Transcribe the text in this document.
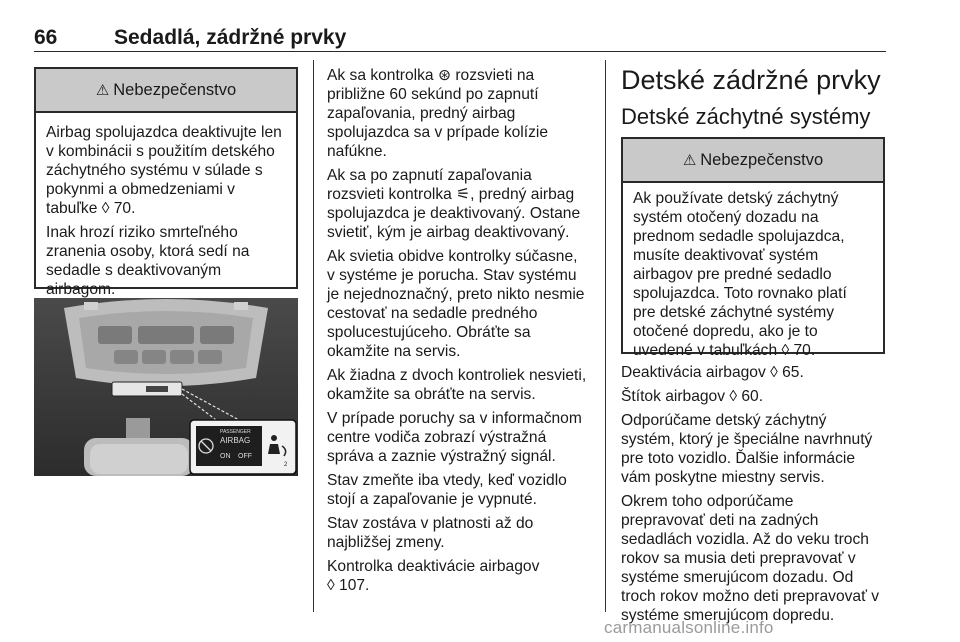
66	Sedadlá, zádržné prvky
⚠ Nebezpečenstvo
Airbag spolujazdca deaktivujte len
v kombinácii s použitím detského
záchytného systému v súlade s
pokynmi a obmedzeniami v
tabuľke ◊ 70.
Inak hrozí riziko smrteľného
zranenia osoby, ktorá sedí na
sedadle s deaktivovaným
airbagom.
PASSENGER
AIRBAG
ON OFF
2
Ak sa kontrolka ⊛ rozsvieti na
približne 60 sekúnd po zapnutí
zapaľovania, predný airbag
spolujazdca sa v prípade kolízie
nafúkne.
Ak sa po zapnutí zapaľovania
rozsvieti kontrolka ⚟, predný airbag
spolujazdca je deaktivovaný. Ostane
svietiť, kým je airbag deaktivovaný.
Ak svietia obidve kontrolky súčasne,
v systéme je porucha. Stav systému
je nejednoznačný, preto nikto nesmie
cestovať na sedadle predného
spolucestujúceho. Obráťte sa
okamžite na servis.
Ak žiadna z dvoch kontroliek nesvieti,
okamžite sa obráťte na servis.
V prípade poruchy sa v informačnom
centre vodiča zobrazí výstražná
správa a zaznie výstražný signál.
Stav zmeňte iba vtedy, keď vozidlo
stojí a zapaľovanie je vypnuté.
Stav zostáva v platnosti až do
najbližšej zmeny.
Kontrolka deaktivácie airbagov
◊ 107.
Detské zádržné prvky
Detské záchytné systémy
⚠ Nebezpečenstvo
Ak používate detský záchytný
systém otočený dozadu na
prednom sedadle spolujazdca,
musíte deaktivovať systém
airbagov pre predné sedadlo
spolujazdca. Toto rovnako platí
pre detské záchytné systémy
otočené dopredu, ako je to
uvedené v tabuľkách ◊ 70.
Deaktivácia airbagov ◊ 65.
Štítok airbagov ◊ 60.
Odporúčame detský záchytný
systém, ktorý je špeciálne navrhnutý
pre toto vozidlo. Ďalšie informácie
vám poskytne miestny servis.
Okrem toho odporúčame
prepravovať deti na zadných
sedadlách vozidla. Až do veku troch
rokov sa musia deti prepravovať v
systéme smerujúcom dozadu. Od
troch rokov možno deti prepravovať v
systéme smerujúcom dopredu.
carmanualsonline.info
